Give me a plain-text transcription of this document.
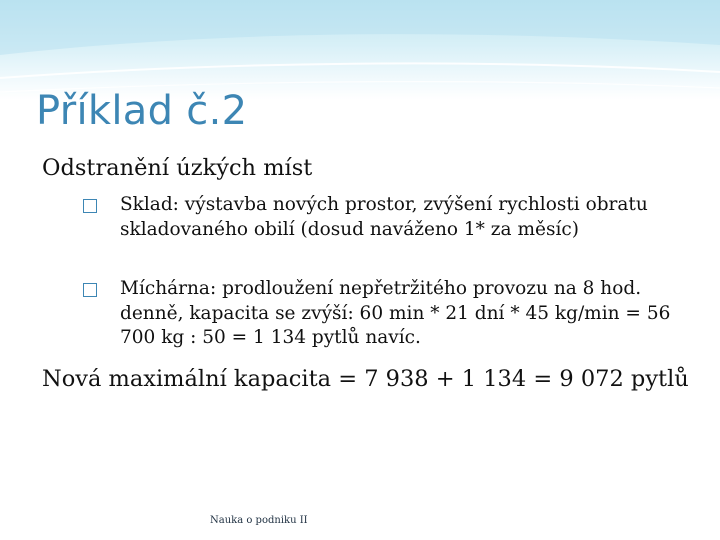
Příklad č.2
Odstranění úzkých míst
Sklad: výstavba nových prostor, zvýšení rychlosti obratu skladovaného obilí (dosud naváženo 1* za měsíc)
Míchárna: prodloužení nepřetržitého provozu na 8 hod. denně, kapacita se zvýší: 60 min * 21 dní * 45 kg/min = 56 700 kg : 50 = 1 134 pytlů navíc.
Nová maximální kapacita = 7 938 + 1 134 = 9 072 pytlů
Nauka o podniku II
